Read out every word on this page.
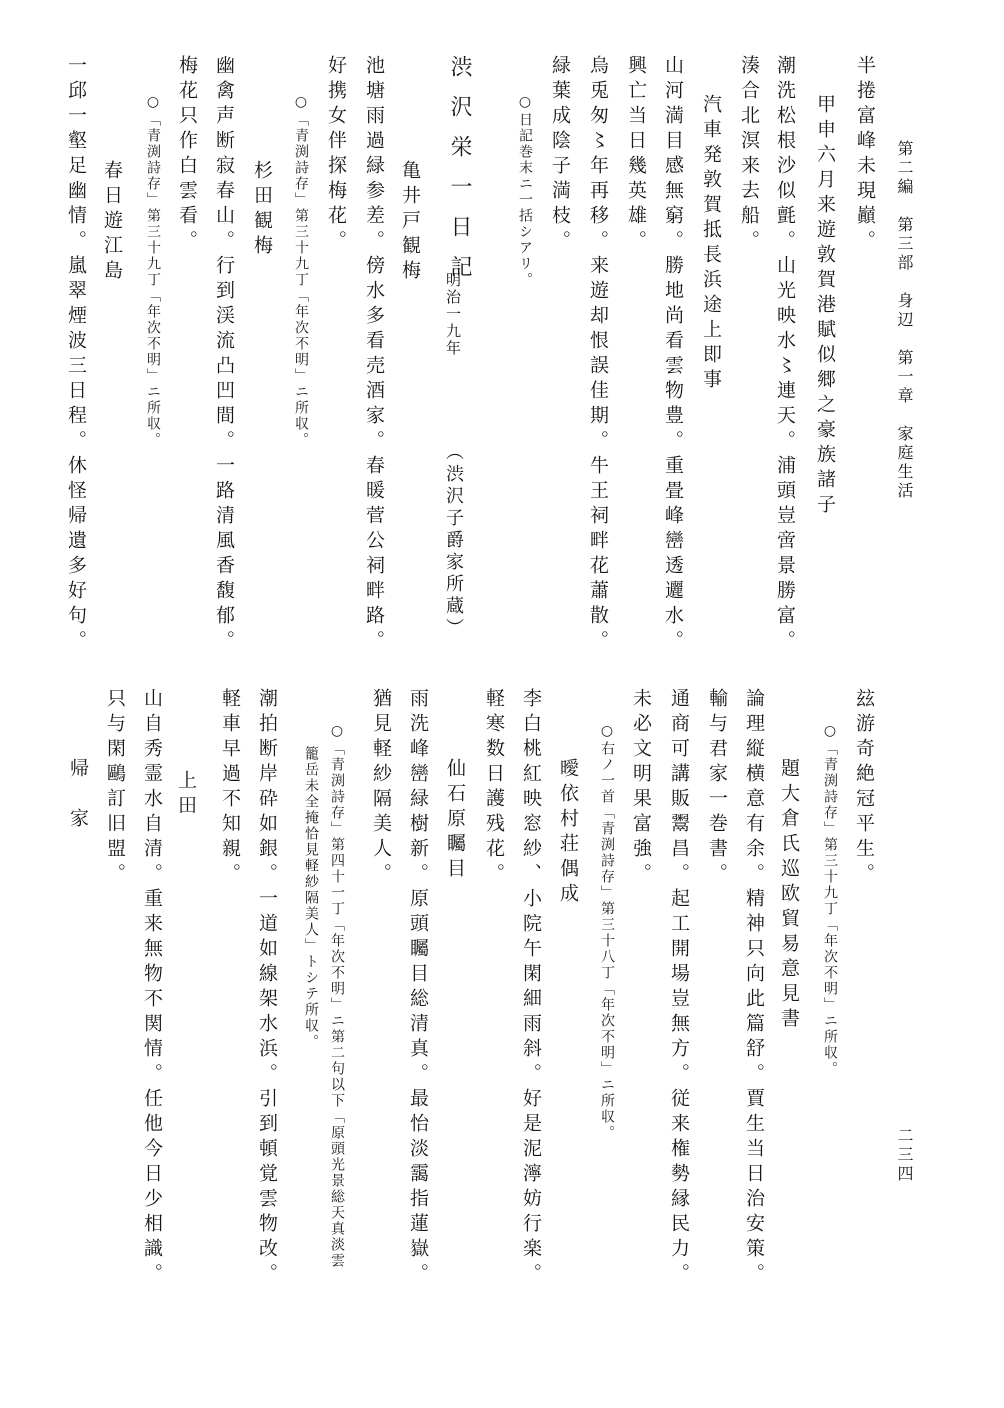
第二編　第三部　身辺　第一章　家庭生活
二三四
半捲富峰未現巓。
甲申六月来遊敦賀港賦似郷之豪族諸子
潮洗松根沙似氈。山光映水〻連天。浦頭豈啻景勝富。
湊合北溟来去船。
汽車発敦賀抵長浜途上即事
山河満目感無窮。勝地尚看雲物豊。重畳峰巒透邐水。
興亡当日幾英雄。
烏兎匆〻年再移。来遊却恨誤佳期。牛王祠畔花蕭散。
緑葉成陰子満枝。
○日記巻末ニ一括シアリ。
渋沢栄一日記
明治一九年
（渋沢子爵家所蔵）
亀井戸観梅
池塘雨過緑参差。傍水多看売酒家。春暖菅公祠畔路。
好携女伴探梅花。
○「青渕詩存」第三十九丁「年次不明」ニ所収。
杉田観梅
幽禽声断寂春山。行到渓流凸凹間。一路清風香馥郁。
梅花只作白雲看。
○「青渕詩存」第三十九丁「年次不明」ニ所収。
春日遊江島
一邱一壑足幽情。嵐翠煙波三日程。休怪帰遺多好句。
玆游奇絶冠平生。
○「青渕詩存」第三十九丁「年次不明」ニ所収。
題大倉氏巡欧貿易意見書
論理縦横意有余。精神只向此篇舒。賈生当日治安策。
輸与君家一巻書。
通商可講販鬻昌。起工開場豈無方。従来権勢縁民力。
未必文明果富強。
○右ノ一首「青渕詩存」第三十八丁「年次不明」ニ所収。
曖依村荘偶成
李白桃紅映窓紗、小院午閑細雨斜。好是泥濘妨行楽。
軽寒数日護残花。
仙石原矚目
雨洗峰巒緑樹新。原頭矚目総清真。最怡淡靄指蓮嶽。
猶見軽紗隔美人。
○「青渕詩存」第四十一丁「年次不明」ニ第二句以下「原頭光景総天真淡雲
籠岳未全掩恰見軽紗隔美人」トシテ所収。
上田	潮拍断岸砕如銀。一道如線架水浜。引到頓覚雲物改。
軽車早過不知親。
山自秀霊水自清。重来無物不関情。任他今日少相識。
只与閑鷗訂旧盟。
帰　家
